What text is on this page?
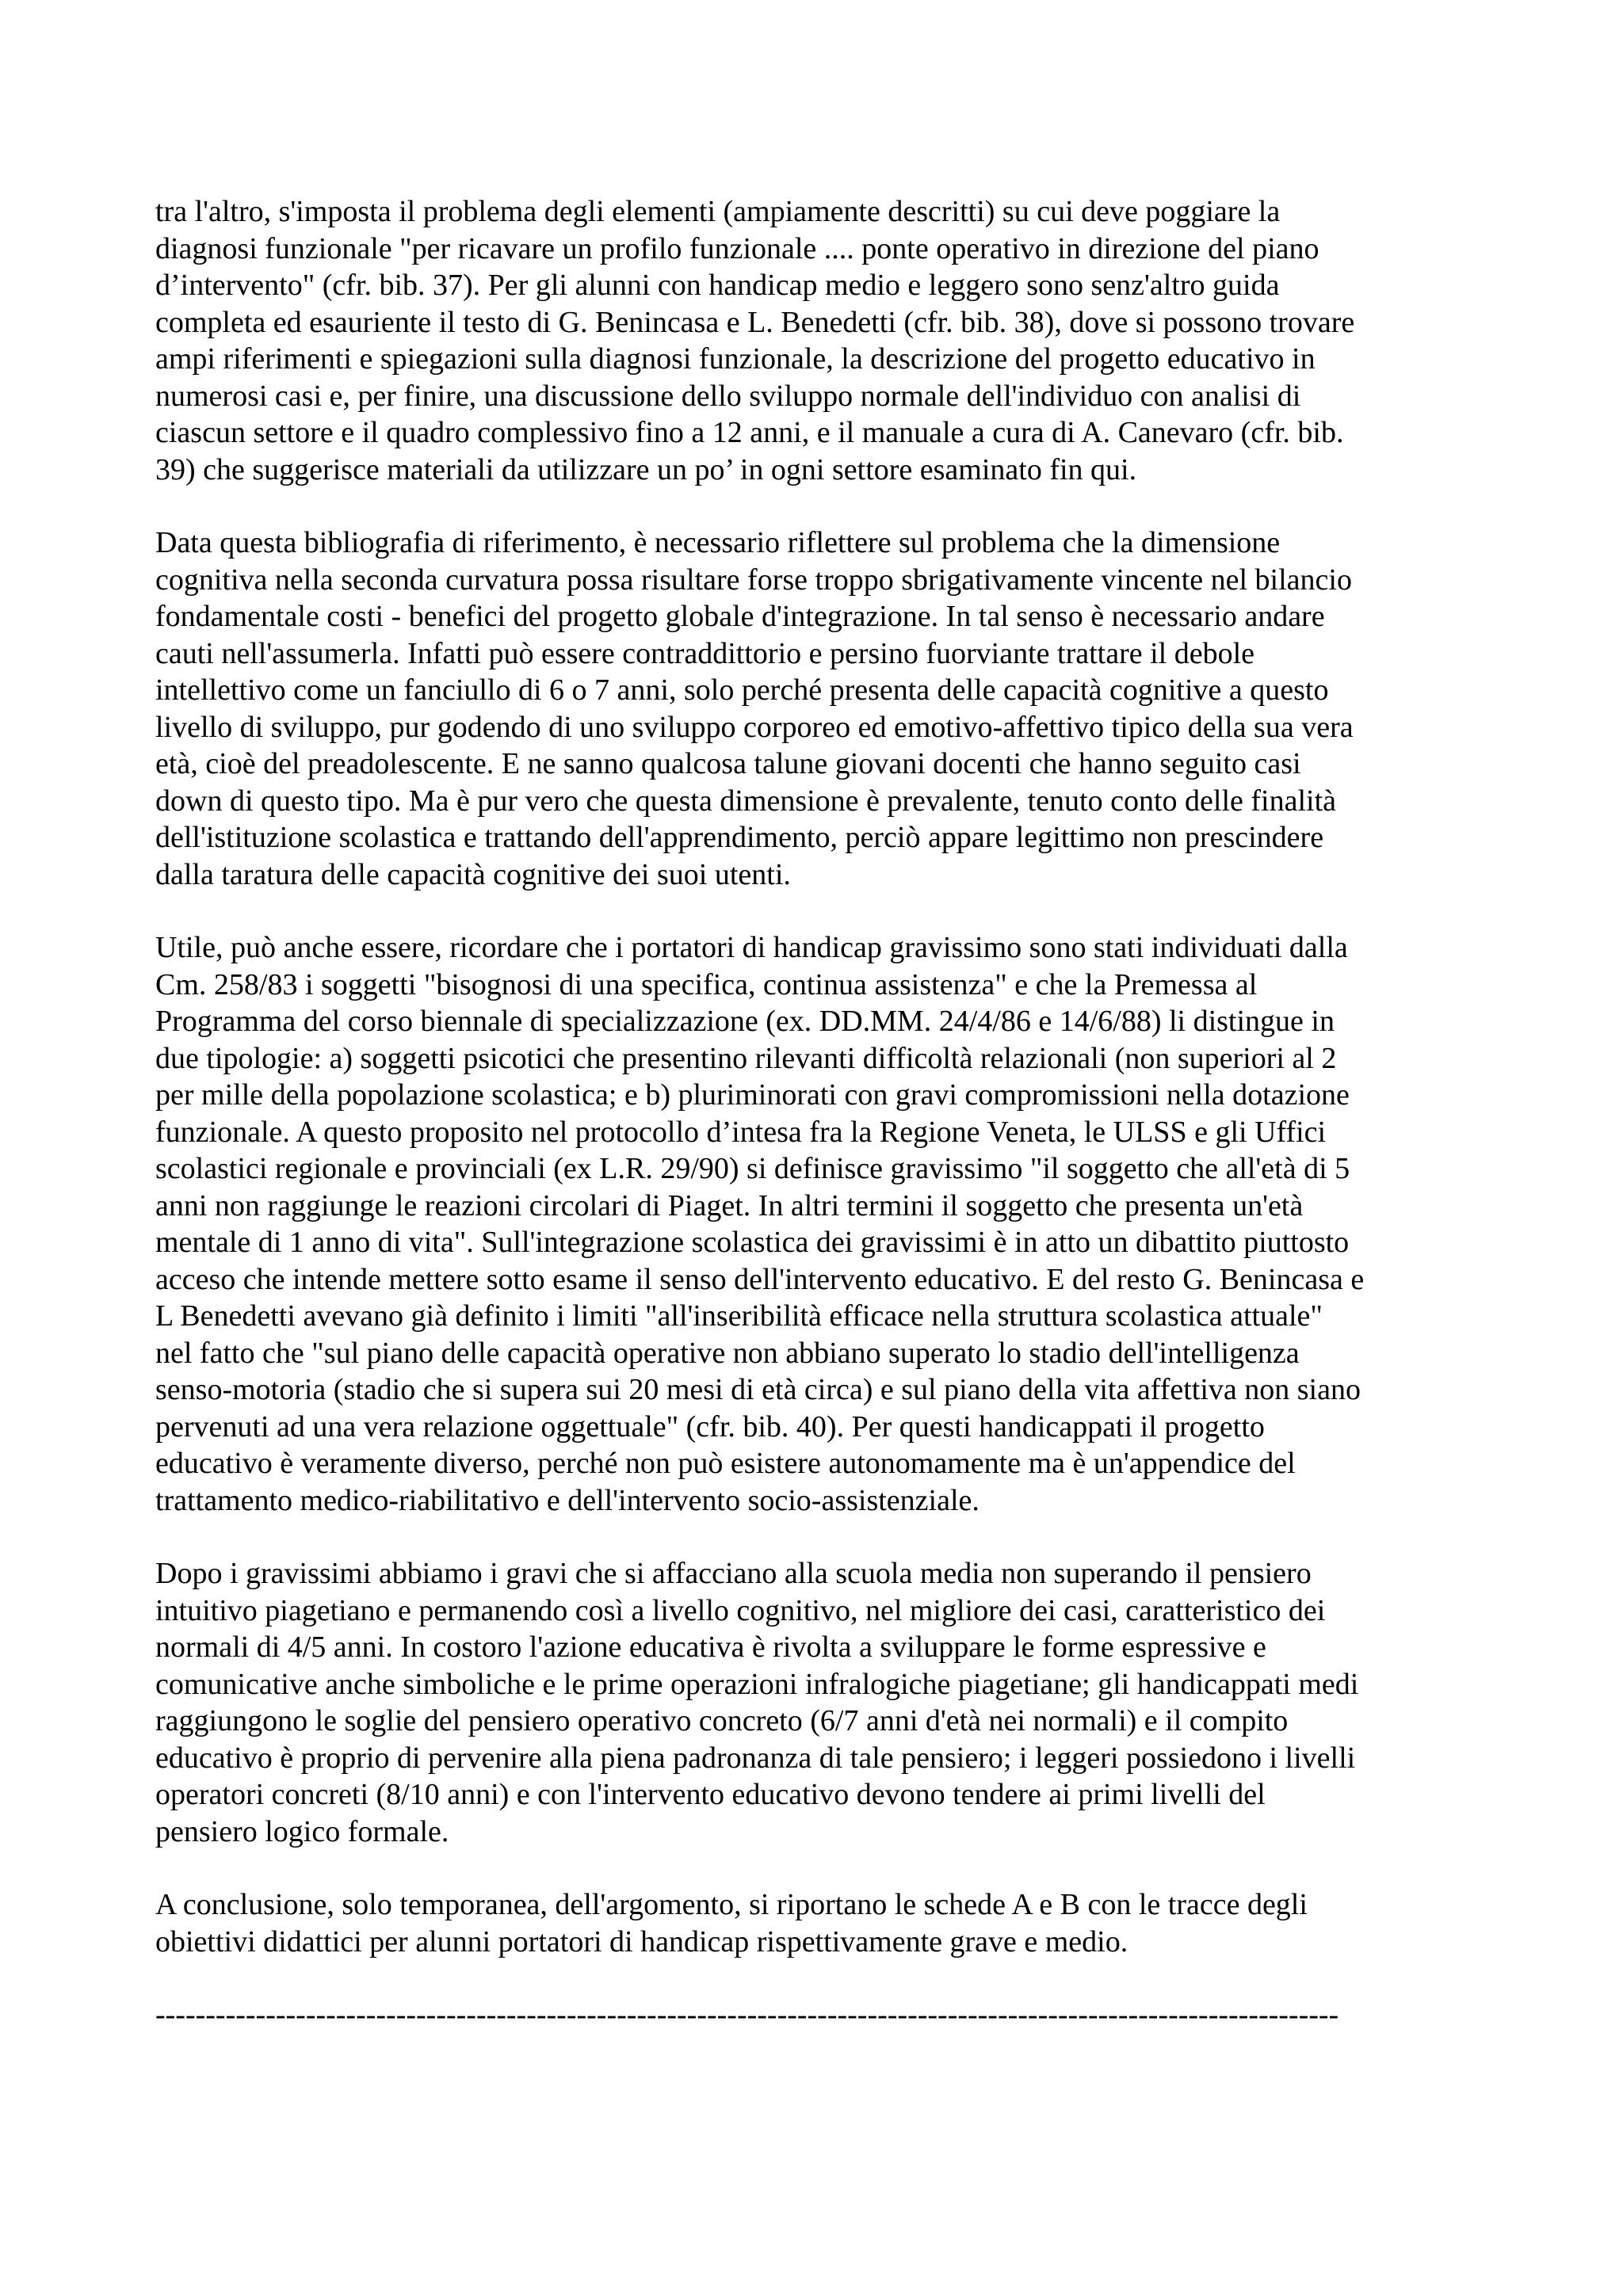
tra l'altro, s'imposta il problema degli elementi (ampiamente descritti) su cui deve poggiare la
diagnosi funzionale "per ricavare un profilo funzionale .... ponte operativo in direzione del piano
d’intervento" (cfr. bib. 37). Per gli alunni con handicap medio e leggero sono senz'altro guida
completa ed esauriente il testo di G. Benincasa e L. Benedetti (cfr. bib. 38), dove si possono trovare
ampi riferimenti e spiegazioni sulla diagnosi funzionale, la descrizione del progetto educativo in
numerosi casi e, per finire, una discussione dello sviluppo normale dell'individuo con analisi di
ciascun settore e il quadro complessivo fino a 12 anni, e il manuale a cura di A. Canevaro (cfr. bib.
39) che suggerisce materiali da utilizzare un po’ in ogni settore esaminato fin qui.
Data questa bibliografia di riferimento, è necessario riflettere sul problema che la dimensione
cognitiva nella seconda curvatura possa risultare forse troppo sbrigativamente vincente nel bilancio
fondamentale costi - benefici del progetto globale d'integrazione. In tal senso è necessario andare
cauti nell'assumerla. Infatti può essere contraddittorio e persino fuorviante trattare il debole
intellettivo come un fanciullo di 6 o 7 anni, solo perché presenta delle capacità cognitive a questo
livello di sviluppo, pur godendo di uno sviluppo corporeo ed emotivo-affettivo tipico della sua vera
età, cioè del preadolescente. E ne sanno qualcosa talune giovani docenti che hanno seguito casi
down di questo tipo. Ma è pur vero che questa dimensione è prevalente, tenuto conto delle finalità
dell'istituzione scolastica e trattando dell'apprendimento, perciò appare legittimo non prescindere
dalla taratura delle capacità cognitive dei suoi utenti.
Utile, può anche essere, ricordare che i portatori di handicap gravissimo sono stati individuati dalla
Cm. 258/83 i soggetti "bisognosi di una specifica, continua assistenza" e che la Premessa al
Programma del corso biennale di specializzazione (ex. DD.MM. 24/4/86 e 14/6/88) li distingue in
due tipologie: a) soggetti psicotici che presentino rilevanti difficoltà relazionali (non superiori al 2
per mille della popolazione scolastica; e b) pluriminorati con gravi compromissioni nella dotazione
funzionale. A questo proposito nel protocollo d’intesa fra la Regione Veneta, le ULSS e gli Uffici
scolastici regionale e provinciali (ex L.R. 29/90) si definisce gravissimo "il soggetto che all'età di 5
anni non raggiunge le reazioni circolari di Piaget. In altri termini il soggetto che presenta un'età
mentale di 1 anno di vita". Sull'integrazione scolastica dei gravissimi è in atto un dibattito piuttosto
acceso che intende mettere sotto esame il senso dell'intervento educativo. E del resto G. Benincasa e
L Benedetti avevano già definito i limiti "all'inseribilità efficace nella struttura scolastica attuale"
nel fatto che "sul piano delle capacità operative non abbiano superato lo stadio dell'intelligenza
senso-motoria (stadio che si supera sui 20 mesi di età circa) e sul piano della vita affettiva non siano
pervenuti ad una vera relazione oggettuale" (cfr. bib. 40). Per questi handicappati il progetto
educativo è veramente diverso, perché non può esistere autonomamente ma è un'appendice del
trattamento medico-riabilitativo e dell'intervento socio-assistenziale.
Dopo i gravissimi abbiamo i gravi che si affacciano alla scuola media non superando il pensiero
intuitivo piagetiano e permanendo così a livello cognitivo, nel migliore dei casi, caratteristico dei
normali di 4/5 anni. In costoro l'azione educativa è rivolta a sviluppare le forme espressive e
comunicative anche simboliche e le prime operazioni infralogiche piagetiane; gli handicappati medi
raggiungono le soglie del pensiero operativo concreto (6/7 anni d'età nei normali) e il compito
educativo è proprio di pervenire alla piena padronanza di tale pensiero; i leggeri possiedono i livelli
operatori concreti (8/10 anni) e con l'intervento educativo devono tendere ai primi livelli del
pensiero logico formale.
A conclusione, solo temporanea, dell'argomento, si riportano le schede A e B con le tracce degli
obiettivi didattici per alunni portatori di handicap rispettivamente grave e medio.
----------------------------------------------------------------------------------------------------------------------
